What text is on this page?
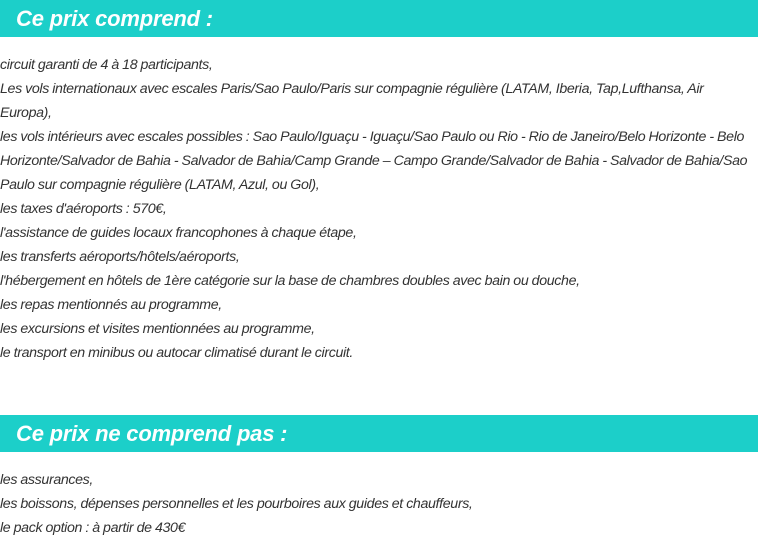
Ce prix comprend :
circuit garanti de 4 à 18 participants,
Les vols internationaux avec escales Paris/Sao Paulo/Paris sur compagnie régulière (LATAM, Iberia, Tap,Lufthansa, Air Europa),
les vols intérieurs avec escales possibles : Sao Paulo/Iguaçu - Iguaçu/Sao Paulo ou Rio - Rio de Janeiro/Belo Horizonte - Belo Horizonte/Salvador de Bahia - Salvador de Bahia/Camp Grande – Campo Grande/Salvador de Bahia - Salvador de Bahia/Sao Paulo sur compagnie régulière (LATAM, Azul, ou Gol),
les taxes d'aéroports : 570€,
l'assistance de guides locaux francophones à chaque étape,
les transferts aéroports/hôtels/aéroports,
l'hébergement en hôtels de 1ère catégorie sur la base de chambres doubles avec bain ou douche,
les repas mentionnés au programme,
les excursions et visites mentionnées au programme,
le transport en minibus ou autocar climatisé durant le circuit.
Ce prix ne comprend pas :
les assurances,
les boissons, dépenses personnelles et les pourboires aux guides et chauffeurs,
le pack option : à partir de 430€
